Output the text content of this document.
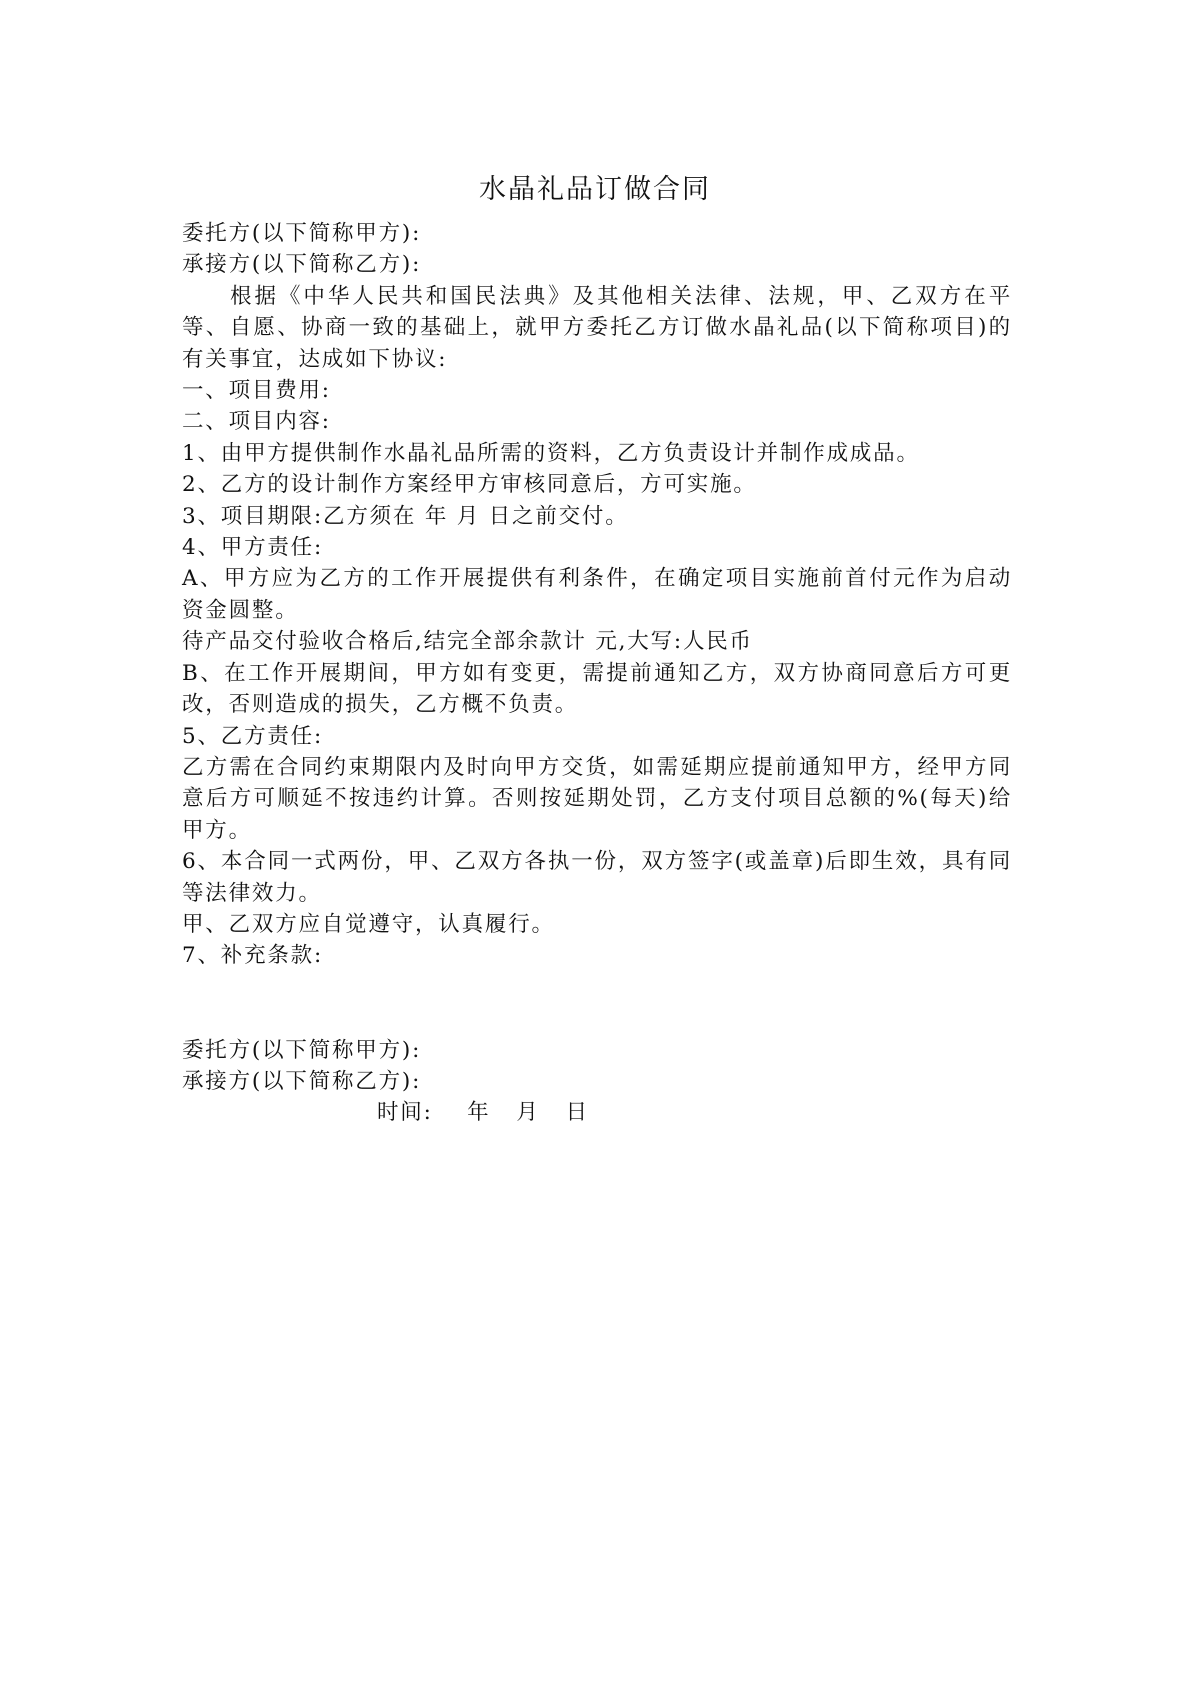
水晶礼品订做合同
委托方(以下简称甲方):
承接方(以下简称乙方):
根据《中华人民共和国民法典》及其他相关法律、法规，甲、乙双方在平等、自愿、协商一致的基础上，就甲方委托乙方订做水晶礼品(以下简称项目)的有关事宜，达成如下协议:
一、项目费用:
二、项目内容:
1、由甲方提供制作水晶礼品所需的资料，乙方负责设计并制作成成品。
2、乙方的设计制作方案经甲方审核同意后，方可实施。
3、项目期限:乙方须在 年 月 日之前交付。
4、甲方责任:
A、甲方应为乙方的工作开展提供有利条件，在确定项目实施前首付元作为启动资金圆整。
待产品交付验收合格后,结完全部余款计 元,大写:人民币
B、在工作开展期间，甲方如有变更，需提前通知乙方，双方协商同意后方可更改，否则造成的损失，乙方概不负责。
5、乙方责任:
乙方需在合同约束期限内及时向甲方交货，如需延期应提前通知甲方，经甲方同意后方可顺延不按违约计算。否则按延期处罚，乙方支付项目总额的%(每天)给甲方。
6、本合同一式两份，甲、乙双方各执一份，双方签字(或盖章)后即生效，具有同等法律效力。
甲、乙双方应自觉遵守，认真履行。
7、补充条款:
委托方(以下简称甲方):
承接方(以下简称乙方):
时间:    年   月   日
